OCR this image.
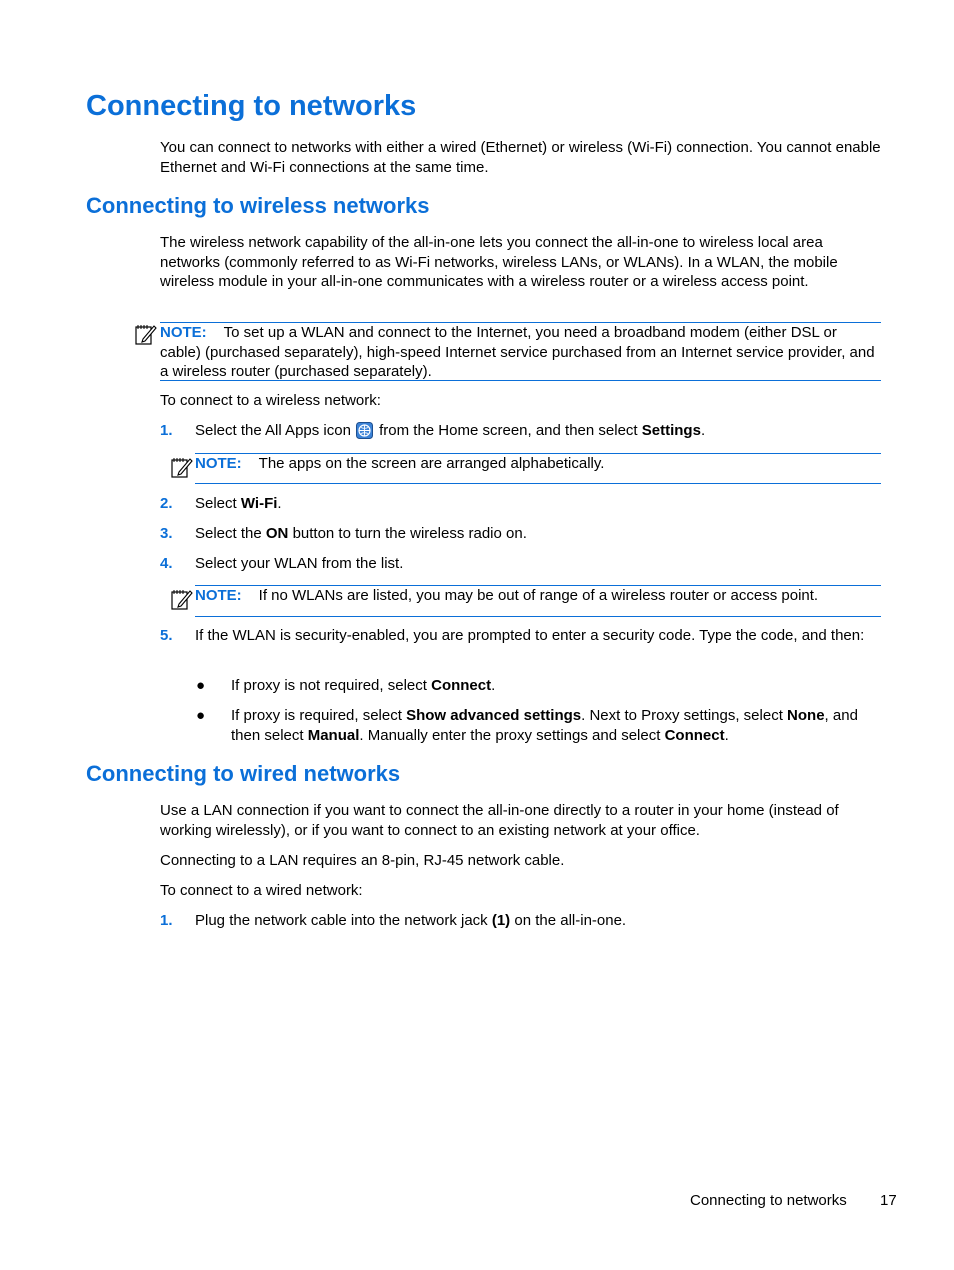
Connecting to networks

You can connect to networks with either a wired (Ethernet) or wireless (Wi-Fi) connection. You cannot enable Ethernet and Wi-Fi connections at the same time.

Connecting to wireless networks

The wireless network capability of the all-in-one lets you connect the all-in-one to wireless local area networks (commonly referred to as Wi-Fi networks, wireless LANs, or WLANs). In a WLAN, the mobile wireless module in your all-in-one communicates with a wireless router or a wireless access point.

NOTE: To set up a WLAN and connect to the Internet, you need a broadband modem (either DSL or cable) (purchased separately), high-speed Internet service purchased from an Internet service provider, and a wireless router (purchased separately).

To connect to a wireless network:

1. Select the All Apps icon from the Home screen, and then select Settings.

NOTE: The apps on the screen are arranged alphabetically.
2. Select Wi-Fi.

3. Select the ON button to turn the wireless radio on.

4. Select your WLAN from the list.

NOTE: If no WLANs are listed, you may be out of range of a wireless router or access point.
5. If the WLAN is security-enabled, you are prompted to enter a security code. Type the code, and then:

● If proxy is not required, select Connect.

● If proxy is required, select Show advanced settings. Next to Proxy settings, select None, and then select Manual. Manually enter the proxy settings and select Connect.

Connecting to wired networks

Use a LAN connection if you want to connect the all-in-one directly to a router in your home (instead of working wirelessly), or if you want to connect to an existing network at your office.

Connecting to a LAN requires an 8-pin, RJ-45 network cable.

To connect to a wired network:

1. Plug the network cable into the network jack (1) on the all-in-one.

Connecting to networks 17
